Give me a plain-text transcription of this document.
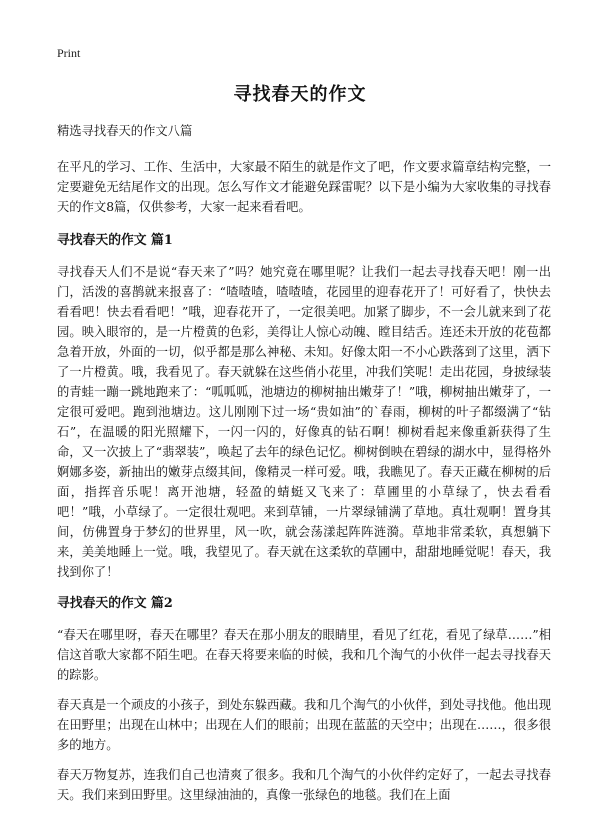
Print
寻找春天的作文

精选寻找春天的作文八篇

在平凡的学习、工作、生活中，大家最不陌生的就是作文了吧，作文要求篇章结构完整，一定要避免无结尾作文的出现。怎么写作文才能避免踩雷呢？以下是小编为大家收集的寻找春天的作文8篇，仅供参考，大家一起来看看吧。

寻找春天的作文 篇1

寻找春天人们不是说“春天来了”吗？她究竟在哪里呢？让我们一起去寻找春天吧！刚一出门，活泼的喜鹊就来报喜了：“喳喳喳，喳喳喳，花园里的迎春花开了！可好看了，快快去看看吧！快去看看吧！”哦，迎春花开了，一定很美吧。加紧了脚步，不一会儿就来到了花园。映入眼帘的，是一片橙黄的色彩，美得让人惊心动魄、瞠目结舌。连还未开放的花苞都急着开放，外面的一切，似乎都是那么神秘、未知。好像太阳一不小心跌落到了这里，洒下了一片橙黄。哦，我看见了。春天就躲在这些俏小花里，冲我们笑呢！走出花园，身披绿装的青蛙一蹦一跳地跑来了：“呱呱呱，池塘边的柳树抽出嫩芽了！”哦，柳树抽出嫩芽了，一定很可爱吧。跑到池塘边。这儿刚刚下过一场“贵如油”的`春雨，柳树的叶子都缀满了“钻石”，在温暖的阳光照耀下，一闪一闪的，好像真的钻石啊！柳树看起来像重新获得了生命，又一次披上了“翡翠装”，唤起了去年的绿色记忆。柳树倒映在碧绿的湖水中，显得格外婀娜多姿，新抽出的嫩芽点缀其间，像精灵一样可爱。哦，我瞧见了。春天正藏在柳树的后面，指挥音乐呢！离开池塘，轻盈的蜻蜓又飞来了：草圃里的小草绿了，快去看看吧！”哦，小草绿了。一定很壮观吧。来到草铺，一片翠绿铺满了草地。真壮观啊！置身其间，仿佛置身于梦幻的世界里，风一吹，就会荡漾起阵阵涟漪。草地非常柔软，真想躺下来，美美地睡上一觉。哦，我望见了。春天就在这柔软的草圃中，甜甜地睡觉呢！春天，我找到你了！

寻找春天的作文 篇2

“春天在哪里呀，春天在哪里？春天在那小朋友的眼睛里，看见了红花，看见了绿草……”相信这首歌大家都不陌生吧。在春天将要来临的时候，我和几个淘气的小伙伴一起去寻找春天的踪影。

春天真是一个顽皮的小孩子，到处东躲西藏。我和几个淘气的小伙伴，到处寻找他。他出现在田野里；出现在山林中；出现在人们的眼前；出现在蓝蓝的天空中；出现在……，很多很多的地方。

春天万物复苏，连我们自己也清爽了很多。我和几个淘气的小伙伴约定好了，一起去寻找春天。我们来到田野里。这里绿油油的，真像一张绿色的地毯。我们在上面
